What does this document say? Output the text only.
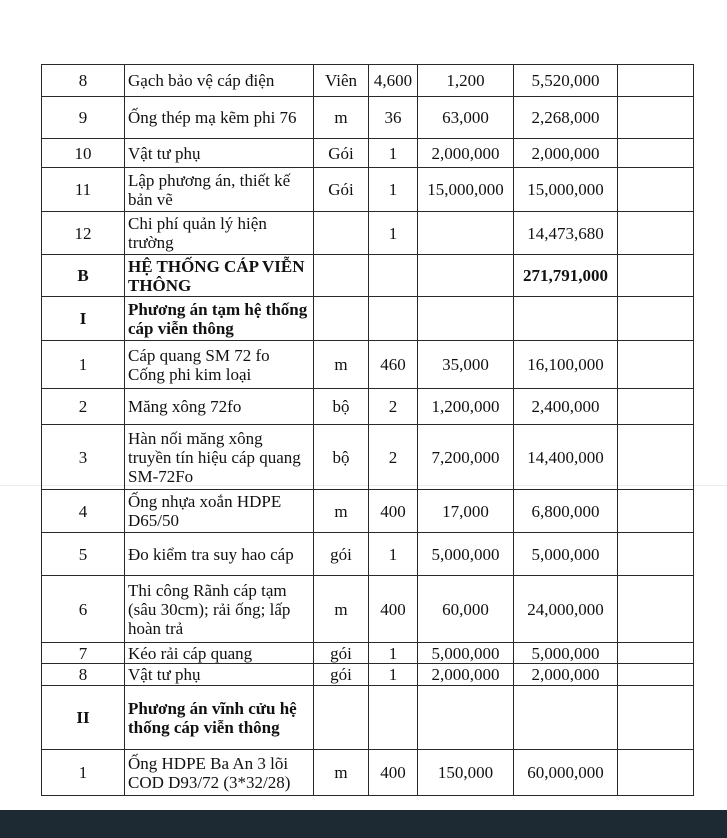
8	Gạch bảo vệ cáp điện	Viên	4,600	1,200	5,520,000	
9	Ống thép mạ kẽm phi 76	m	36	63,000	2,268,000	
10	Vật tư phụ	Gói	1	2,000,000	2,000,000	
11	Lập phương án, thiết kế bản vẽ	Gói	1	15,000,000	15,000,000	
12	Chi phí quản lý hiện trường		1		14,473,680	
B	HỆ THỐNG CÁP VIỄN THÔNG				271,791,000	
I	Phương án tạm hệ thống cáp viễn thông					
1	Cáp quang SM 72 fo Cống phi kim loại	m	460	35,000	16,100,000	
2	Măng xông 72fo	bộ	2	1,200,000	2,400,000	
3	Hàn nối măng xông truyền tín hiệu cáp quang SM-72Fo	bộ	2	7,200,000	14,400,000	
4	Ống nhựa xoắn HDPE D65/50	m	400	17,000	6,800,000	
5	Đo kiểm tra suy hao cáp	gói	1	5,000,000	5,000,000	
6	Thi công Rãnh cáp tạm (sâu 30cm); rải ống; lấp hoàn trả	m	400	60,000	24,000,000	
7	Kéo rải cáp quang	gói	1	5,000,000	5,000,000	
8	Vật tư phụ	gói	1	2,000,000	2,000,000	
II	Phương án vĩnh cửu hệ thống cáp viễn thông					
1	Ống HDPE Ba An 3 lõi COD D93/72 (3*32/28)	m	400	150,000	60,000,000	
